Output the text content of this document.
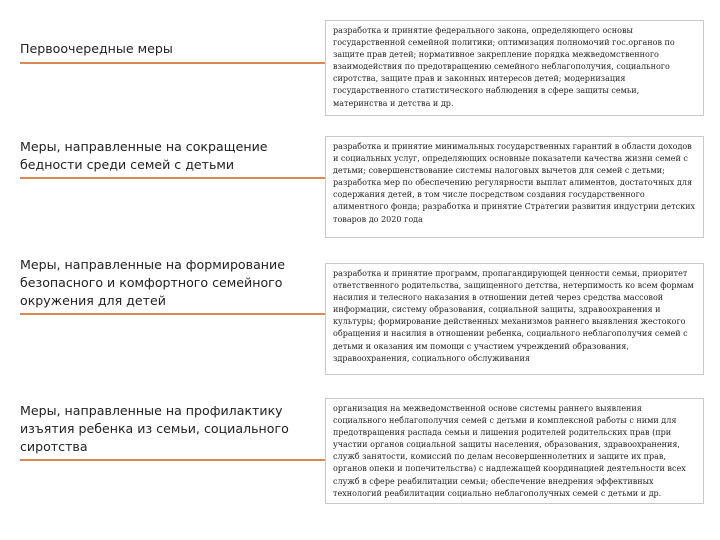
Первоочередные меры

разработка и принятие федерального закона, определяющего основы государственной семейной политики; оптимизация полномочий гос.органов по защите прав детей; нормативное закрепление порядка межведомственного взаимодействия по предотвращению семейного неблагополучия, социального сиротства, защите прав и законных интересов детей; модернизация государственного статистического наблюдения в сфере защиты семьи, материнства и детства и др.

Меры, направленные на сокращение бедности среди семей с детьми

разработка и принятие минимальных государственных гарантий в области доходов и социальных услуг, определяющих основные показатели качества жизни семей с детьми; совершенствование системы налоговых вычетов для семей с детьми; разработка мер по обеспечению регулярности выплат алиментов, достаточных для содержания детей, в том числе посредством создания государственного алиментного фонда; разработка и принятие Стратегии развития индустрии детских товаров до 2020 года

Меры, направленные на формирование безопасного и комфортного семейного окружения для детей

разработка и принятие программ, пропагандирующей ценности семьи, приоритет ответственного родительства, защищенного детства, нетерпимость ко всем формам насилия и телесного наказания в отношении детей через средства массовой информации, систему образования, социальной защиты, здравоохранения и культуры; формирование действенных механизмов раннего выявления жестокого обращения и насилия в отношении ребенка, социального неблагополучия семей с детьми и оказания им помощи с участием учреждений образования, здравоохранения, социального обслуживания

Меры, направленные на профилактику изъятия ребенка из семьи, социального сиротства

организация на межведомственной основе системы раннего выявления социального неблагополучия семей с детьми и комплексной работы с ними для предотвращения распада семьи и лишения родителей родительских прав (при участии органов социальной защиты населения, образования, здравоохранения, служб занятости, комиссий по делам несовершеннолетних и защите их прав, органов опеки и попечительства) с надлежащей координацией деятельности всех служб в сфере реабилитации семьи; обеспечение внедрения эффективных технологий реабилитации социально неблагополучных семей с детьми и др.
